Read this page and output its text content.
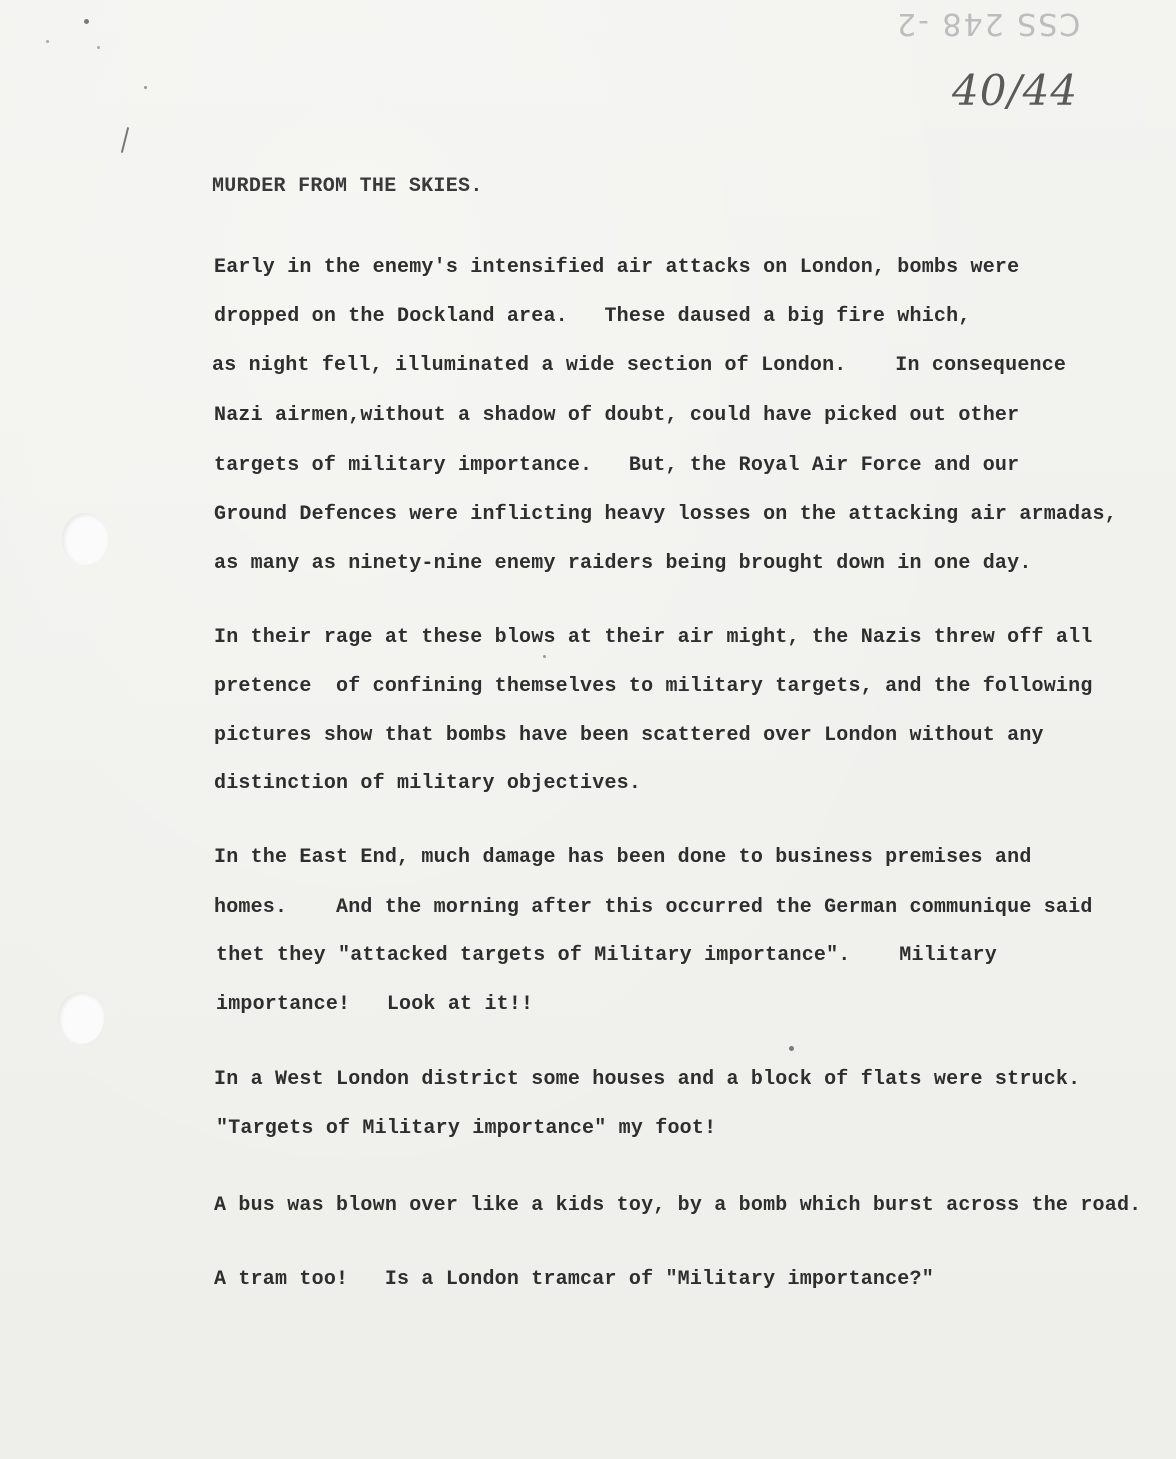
CSS 248 -2
40/44
MURDER FROM THE SKIES.
Early in the enemy's intensified air attacks on London, bombs were
dropped on the Dockland area.   These daused a big fire which,
as night fell, illuminated a wide section of London.    In consequence
Nazi airmen,without a shadow of doubt, could have picked out other
targets of military importance.   But, the Royal Air Force and our
Ground Defences were inflicting heavy losses on the attacking air armadas,
as many as ninety-nine enemy raiders being brought down in one day.
In their rage at these blows at their air might, the Nazis threw off all
pretence  of confining themselves to military targets, and the following
pictures show that bombs have been scattered over London without any
distinction of military objectives.
In the East End, much damage has been done to business premises and
homes.    And the morning after this occurred the German communique said
thet they "attacked targets of Military importance".    Military
importance!   Look at it!!
In a West London district some houses and a block of flats were struck.
"Targets of Military importance" my foot!
A bus was blown over like a kids toy, by a bomb which burst across the road.
A tram too!   Is a London tramcar of "Military importance?"
